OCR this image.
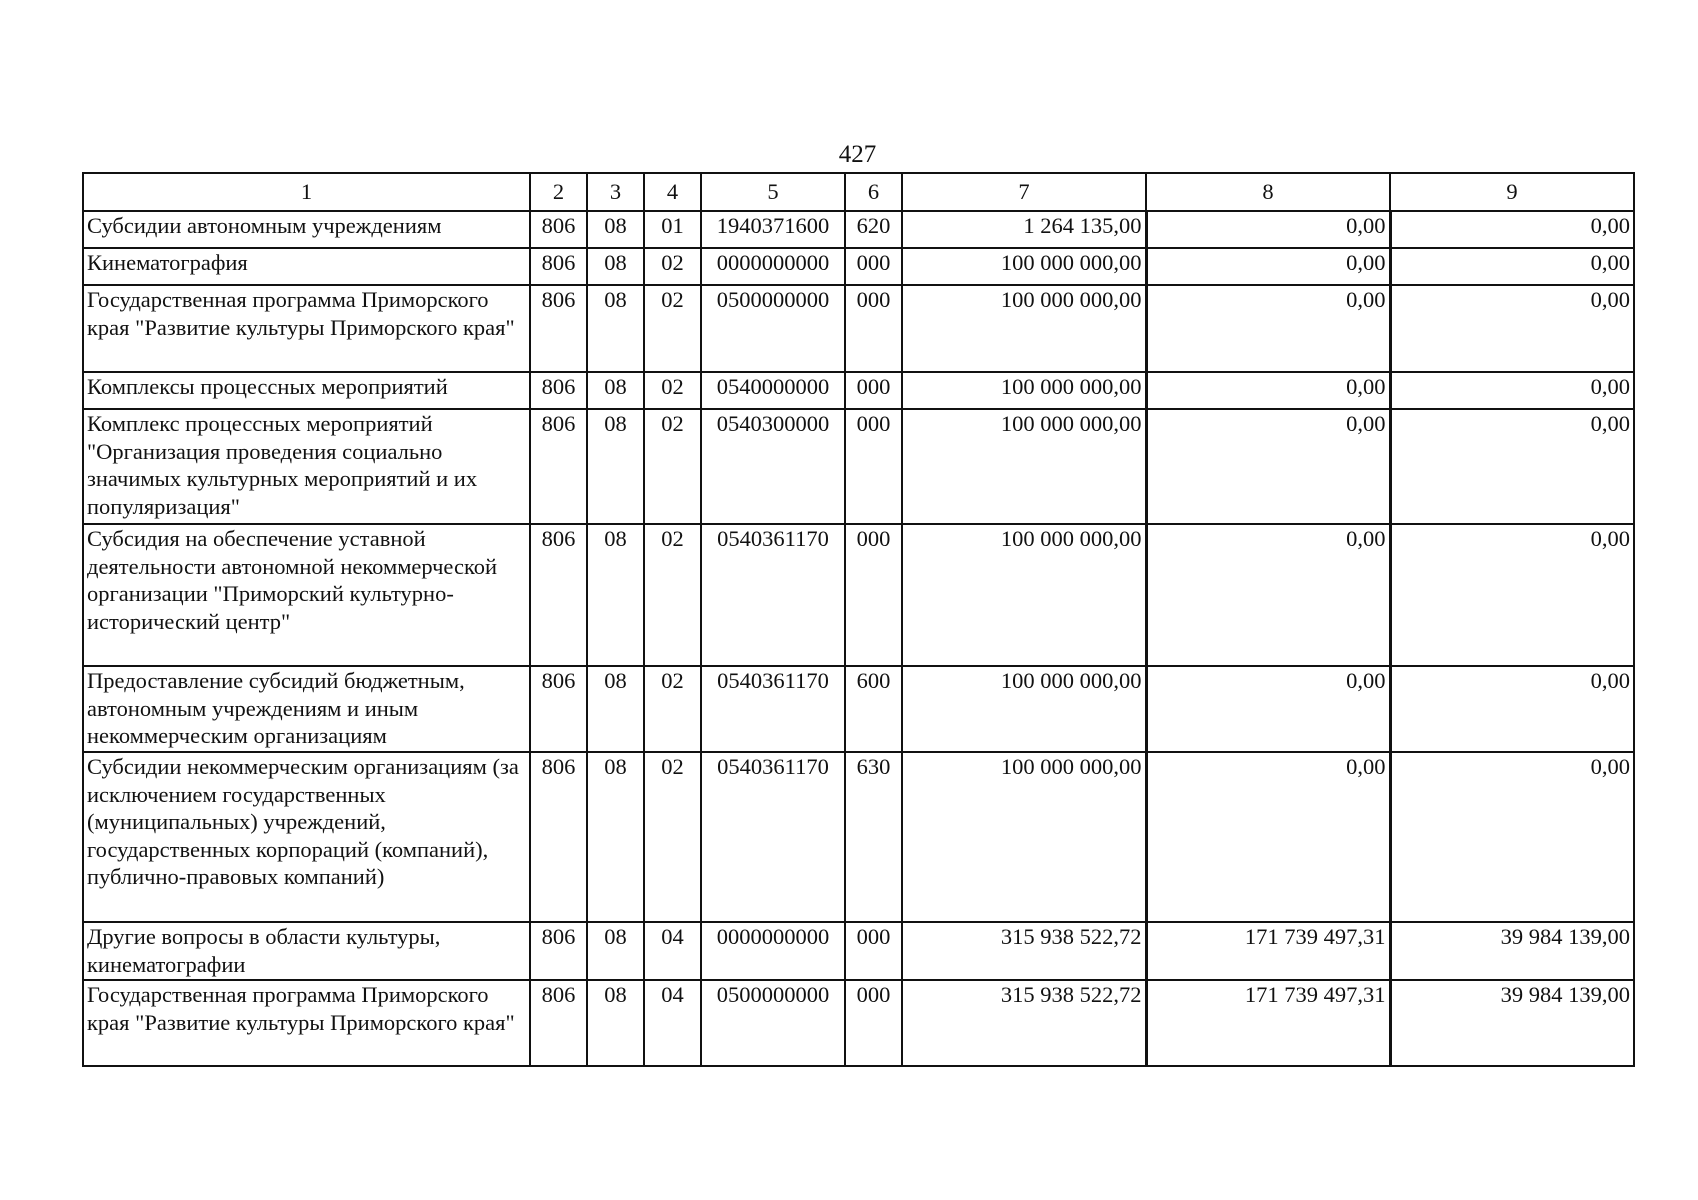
427
1	2	3	4	5	6	7	8	9
Субсидии автономным учреждениям	806	08	01	1940371600	620	1 264 135,00	0,00	0,00
Кинематография	806	08	02	0000000000	000	100 000 000,00	0,00	0,00
Государственная программа Приморского края "Развитие культуры Приморского края"	806	08	02	0500000000	000	100 000 000,00	0,00	0,00
Комплексы процессных мероприятий	806	08	02	0540000000	000	100 000 000,00	0,00	0,00
Комплекс процессных мероприятий "Организация проведения социально значимых культурных мероприятий и их популяризация"	806	08	02	0540300000	000	100 000 000,00	0,00	0,00
Субсидия на обеспечение уставной деятельности автономной некоммерческой организации "Приморский культурно-исторический центр"	806	08	02	0540361170	000	100 000 000,00	0,00	0,00
Предоставление субсидий бюджетным, автономным учреждениям и иным некоммерческим организациям	806	08	02	0540361170	600	100 000 000,00	0,00	0,00
Субсидии некоммерческим организациям (за исключением государственных (муниципальных) учреждений, государственных корпораций (компаний), публично-правовых компаний)	806	08	02	0540361170	630	100 000 000,00	0,00	0,00
Другие вопросы в области культуры, кинематографии	806	08	04	0000000000	000	315 938 522,72	171 739 497,31	39 984 139,00
Государственная программа Приморского края "Развитие культуры Приморского края"	806	08	04	0500000000	000	315 938 522,72	171 739 497,31	39 984 139,00
